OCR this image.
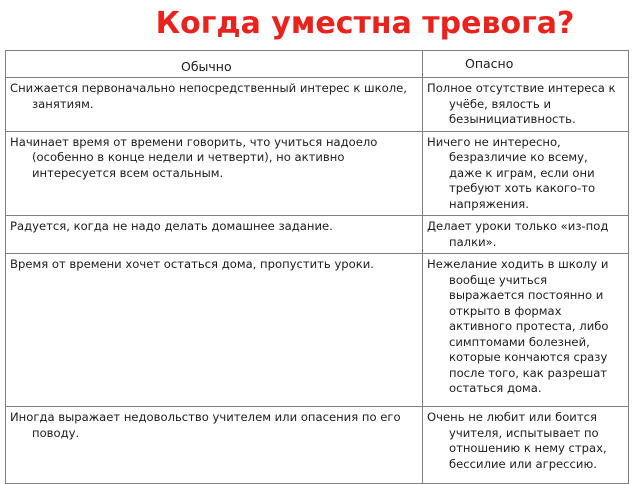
Когда уместна тревога?
Обычно	Опасно

Снижается первоначально непосредственный интерес к школе, занятиям.	Полное отсутствие интереса к учёбе, вялость и безынициативность.

Начинает время от времени говорить, что учиться надоело (особенно в конце недели и четверти), но активно интересуется всем остальным.	Ничего не интересно, безразличие ко всему, даже к играм, если они требуют хоть какого-то напряжения.

Радуется, когда не надо делать домашнее задание.	Делает уроки только «из-под палки».

Время от времени хочет остаться дома, пропустить уроки.	Нежелание ходить в школу и вообще учиться выражается постоянно и открыто в формах активного протеста, либо симптомами болезней, которые кончаются сразу после того, как разрешат остаться дома.

Иногда выражает недовольство учителем или опасения по его поводу.	Очень не любит или боится учителя, испытывает по отношению к нему страх, бессилие или агрессию.
